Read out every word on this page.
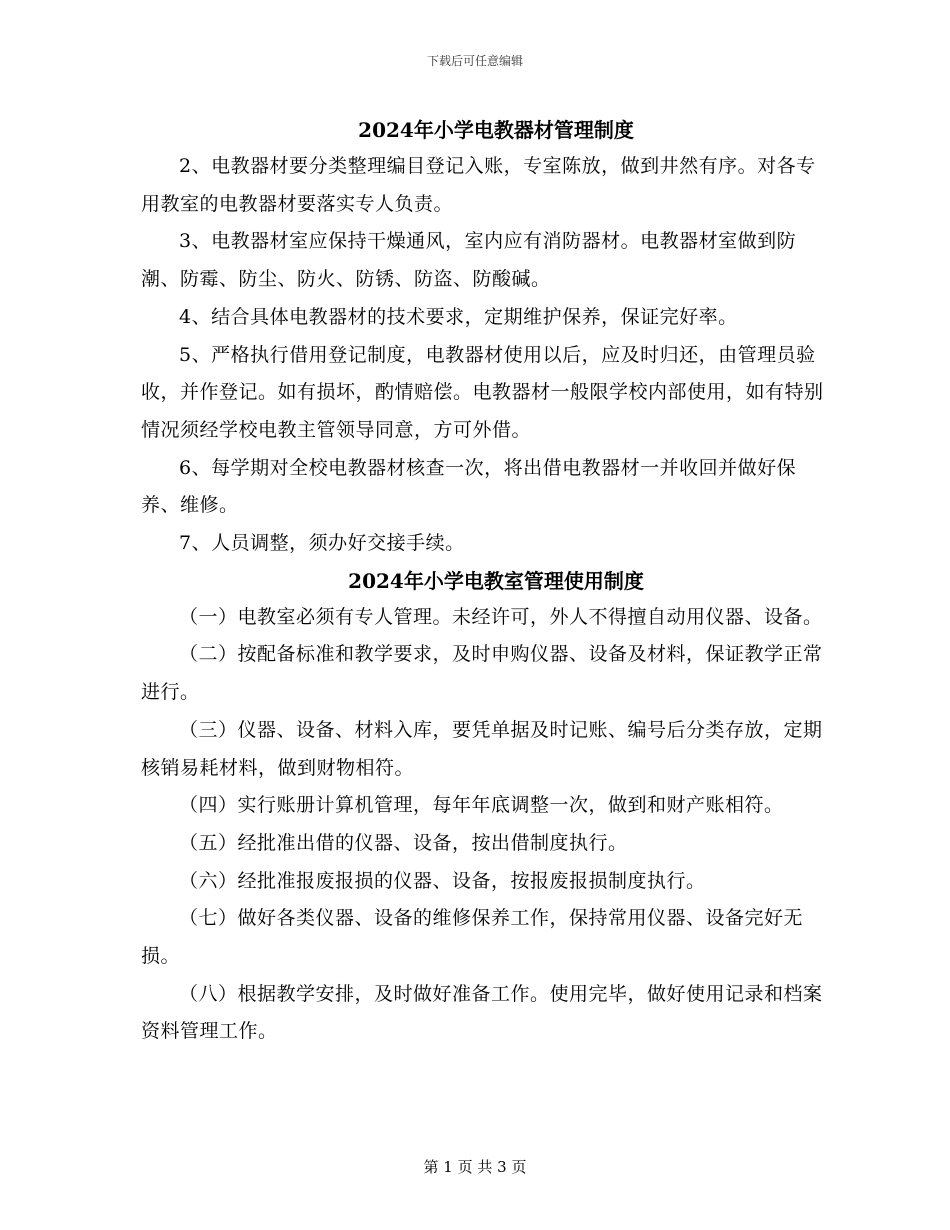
下载后可任意编辑
2024年小学电教器材管理制度

2、电教器材要分类整理编目登记入账，专室陈放，做到井然有序。对各专用教室的电教器材要落实专人负责。

3、电教器材室应保持干燥通风，室内应有消防器材。电教器材室做到防潮、防霉、防尘、防火、防锈、防盗、防酸碱。

4、结合具体电教器材的技术要求，定期维护保养，保证完好率。

5、严格执行借用登记制度，电教器材使用以后，应及时归还，由管理员验收，并作登记。如有损坏，酌情赔偿。电教器材一般限学校内部使用，如有特别情况须经学校电教主管领导同意，方可外借。

6、每学期对全校电教器材核查一次，将出借电教器材一并收回并做好保养、维修。

7、人员调整，须办好交接手续。

2024年小学电教室管理使用制度

（一）电教室必须有专人管理。未经许可，外人不得擅自动用仪器、设备。

（二）按配备标准和教学要求，及时申购仪器、设备及材料，保证教学正常进行。

（三）仪器、设备、材料入库，要凭单据及时记账、编号后分类存放，定期核销易耗材料，做到财物相符。

（四）实行账册计算机管理，每年年底调整一次，做到和财产账相符。

（五）经批准出借的仪器、设备，按出借制度执行。

（六）经批准报废报损的仪器、设备，按报废报损制度执行。

（七）做好各类仪器、设备的维修保养工作，保持常用仪器、设备完好无损。

（八）根据教学安排，及时做好准备工作。使用完毕，做好使用记录和档案资料管理工作。

第 1 页 共 3 页
